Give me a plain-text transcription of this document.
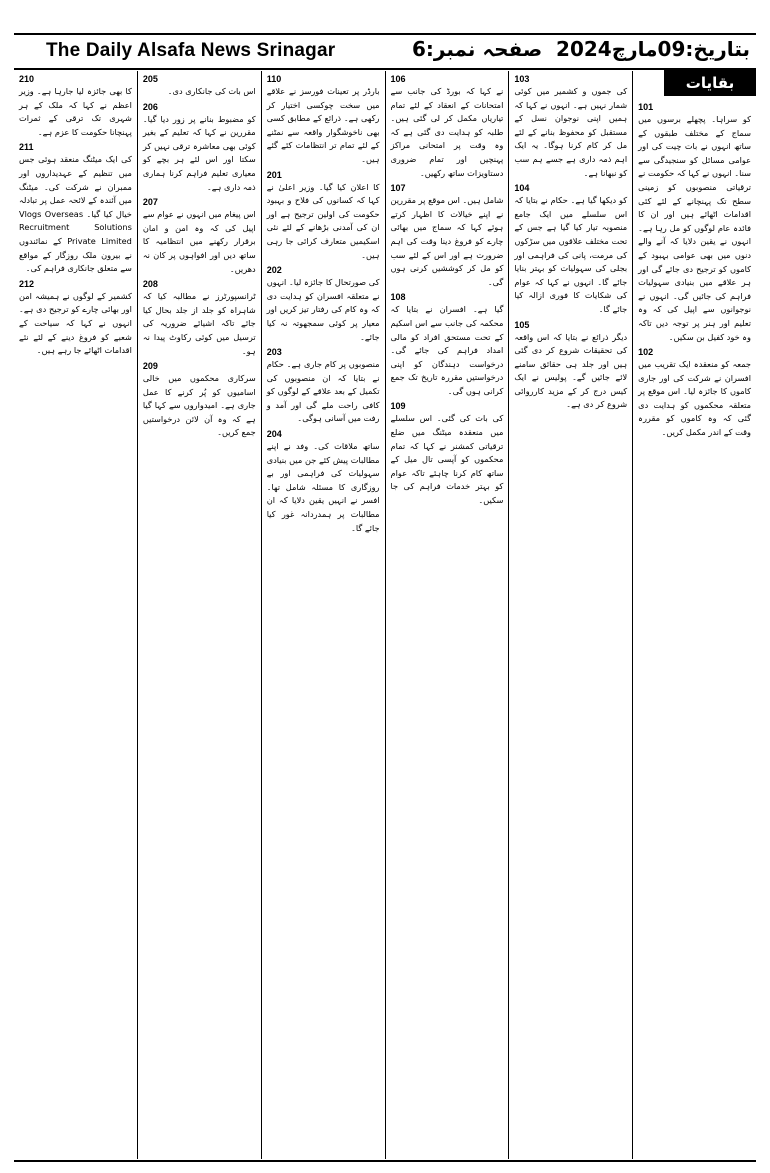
The Daily Alsafa News Srinagar	صفحہ نمبر:6 بتاریخ:09مارچ2024
بقایات
101
کو سراہا۔ پچھلے برسوں میں سماج کے مختلف طبقوں کے ساتھ انہوں نے بات چیت کی اور عوامی مسائل کو سنجیدگی سے سنا۔ انہوں نے کہا کہ حکومت نے ترقیاتی منصوبوں کو زمینی سطح تک پہنچانے کے لئے کئی اقدامات اٹھائے ہیں اور ان کا فائدہ عام لوگوں کو مل رہا ہے۔ انہوں نے یقین دلایا کہ آنے والے دنوں میں بھی عوامی بہبود کے کاموں کو ترجیح دی جائے گی اور ہر علاقے میں بنیادی سہولیات فراہم کی جائیں گی۔ انہوں نے نوجوانوں سے اپیل کی کہ وہ تعلیم اور ہنر پر توجہ دیں تاکہ وہ خود کفیل بن سکیں۔
102
جمعہ کو منعقدہ ایک تقریب میں افسران نے شرکت کی اور جاری کاموں کا جائزہ لیا۔ اس موقع پر متعلقہ محکموں کو ہدایت دی گئی کہ وہ کاموں کو مقررہ وقت کے اندر مکمل کریں۔
103
کی جموں و کشمیر میں کوئی شمار نہیں ہے۔ انہوں نے کہا کہ ہمیں اپنی نوجوان نسل کے مستقبل کو محفوظ بنانے کے لئے مل کر کام کرنا ہوگا۔ یہ ایک اہم ذمہ داری ہے جسے ہم سب کو نبھانا ہے۔
104
کو دیکھا گیا ہے۔ حکام نے بتایا کہ اس سلسلے میں ایک جامع منصوبہ تیار کیا گیا ہے جس کے تحت مختلف علاقوں میں سڑکوں کی مرمت، پانی کی فراہمی اور بجلی کی سہولیات کو بہتر بنایا جائے گا۔ انہوں نے کہا کہ عوام کی شکایات کا فوری ازالہ کیا جائے گا۔
105
دیگر ذرائع نے بتایا کہ اس واقعہ کی تحقیقات شروع کر دی گئی ہیں اور جلد ہی حقائق سامنے لائے جائیں گے۔ پولیس نے ایک کیس درج کر کے مزید کارروائی شروع کر دی ہے۔
106
نے کہا کہ بورڈ کی جانب سے امتحانات کے انعقاد کے لئے تمام تیاریاں مکمل کر لی گئی ہیں۔ طلبہ کو ہدایت دی گئی ہے کہ وہ وقت پر امتحانی مراکز پہنچیں اور تمام ضروری دستاویزات ساتھ رکھیں۔
107
شامل ہیں۔ اس موقع پر مقررین نے اپنے خیالات کا اظہار کرتے ہوئے کہا کہ سماج میں بھائی چارے کو فروغ دینا وقت کی اہم ضرورت ہے اور اس کے لئے سب کو مل کر کوششیں کرنی ہوں گی۔
108
گیا ہے۔ افسران نے بتایا کہ محکمہ کی جانب سے اس اسکیم کے تحت مستحق افراد کو مالی امداد فراہم کی جائے گی۔ درخواست دہندگان کو اپنی درخواستیں مقررہ تاریخ تک جمع کرانی ہوں گی۔
109
کی بات کی گئی۔ اس سلسلے میں منعقدہ میٹنگ میں ضلع ترقیاتی کمشنر نے کہا کہ تمام محکموں کو آپسی تال میل کے ساتھ کام کرنا چاہئے تاکہ عوام کو بہتر خدمات فراہم کی جا سکیں۔
110
بارڈر پر تعینات فورسز نے علاقے میں سخت چوکسی اختیار کر رکھی ہے۔ ذرائع کے مطابق کسی بھی ناخوشگوار واقعہ سے نمٹنے کے لئے تمام تر انتظامات کئے گئے ہیں۔
201
کا اعلان کیا گیا۔ وزیر اعلیٰ نے کہا کہ کسانوں کی فلاح و بہبود حکومت کی اولین ترجیح ہے اور ان کی آمدنی بڑھانے کے لئے نئی اسکیمیں متعارف کرائی جا رہی ہیں۔
202
کی صورتحال کا جائزہ لیا۔ انہوں نے متعلقہ افسران کو ہدایت دی کہ وہ کام کی رفتار تیز کریں اور معیار پر کوئی سمجھوتہ نہ کیا جائے۔
203
منصوبوں پر کام جاری ہے۔ حکام نے بتایا کہ ان منصوبوں کی تکمیل کے بعد علاقے کے لوگوں کو کافی راحت ملے گی اور آمد و رفت میں آسانی ہوگی۔
204
ساتھ ملاقات کی۔ وفد نے اپنے مطالبات پیش کئے جن میں بنیادی سہولیات کی فراہمی اور بے روزگاری کا مسئلہ شامل تھا۔ افسر نے انہیں یقین دلایا کہ ان مطالبات پر ہمدردانہ غور کیا جائے گا۔
205
اس بات کی جانکاری دی۔
206
کو مضبوط بنانے پر زور دیا گیا۔ مقررین نے کہا کہ تعلیم کے بغیر کوئی بھی معاشرہ ترقی نہیں کر سکتا اور اس لئے ہر بچے کو معیاری تعلیم فراہم کرنا ہماری ذمہ داری ہے۔
207
اس پیغام میں انہوں نے عوام سے اپیل کی کہ وہ امن و امان برقرار رکھنے میں انتظامیہ کا ساتھ دیں اور افواہوں پر کان نہ دھریں۔
208
ٹرانسپورٹرز نے مطالبہ کیا کہ شاہراہ کو جلد از جلد بحال کیا جائے تاکہ اشیائے ضروریہ کی ترسیل میں کوئی رکاوٹ پیدا نہ ہو۔
209
سرکاری محکموں میں خالی اسامیوں کو پُر کرنے کا عمل جاری ہے۔ امیدواروں سے کہا گیا ہے کہ وہ آن لائن درخواستیں جمع کریں۔
210
کا بھی جائزہ لیا جارہا ہے۔ وزیر اعظم نے کہا کہ ملک کے ہر شہری تک ترقی کے ثمرات پہنچانا حکومت کا عزم ہے۔
211
کی ایک میٹنگ منعقد ہوئی جس میں تنظیم کے عہدیداروں اور ممبران نے شرکت کی۔ میٹنگ میں آئندہ کے لائحہ عمل پر تبادلہ خیال کیا گیا۔ Vlogs Overseas Recruitment Solutions Private Limited کے نمائندوں نے بیرون ملک روزگار کے مواقع سے متعلق جانکاری فراہم کی۔
212
کشمیر کے لوگوں نے ہمیشہ امن اور بھائی چارے کو ترجیح دی ہے۔ انہوں نے کہا کہ سیاحت کے شعبے کو فروغ دینے کے لئے نئے اقدامات اٹھائے جا رہے ہیں۔
